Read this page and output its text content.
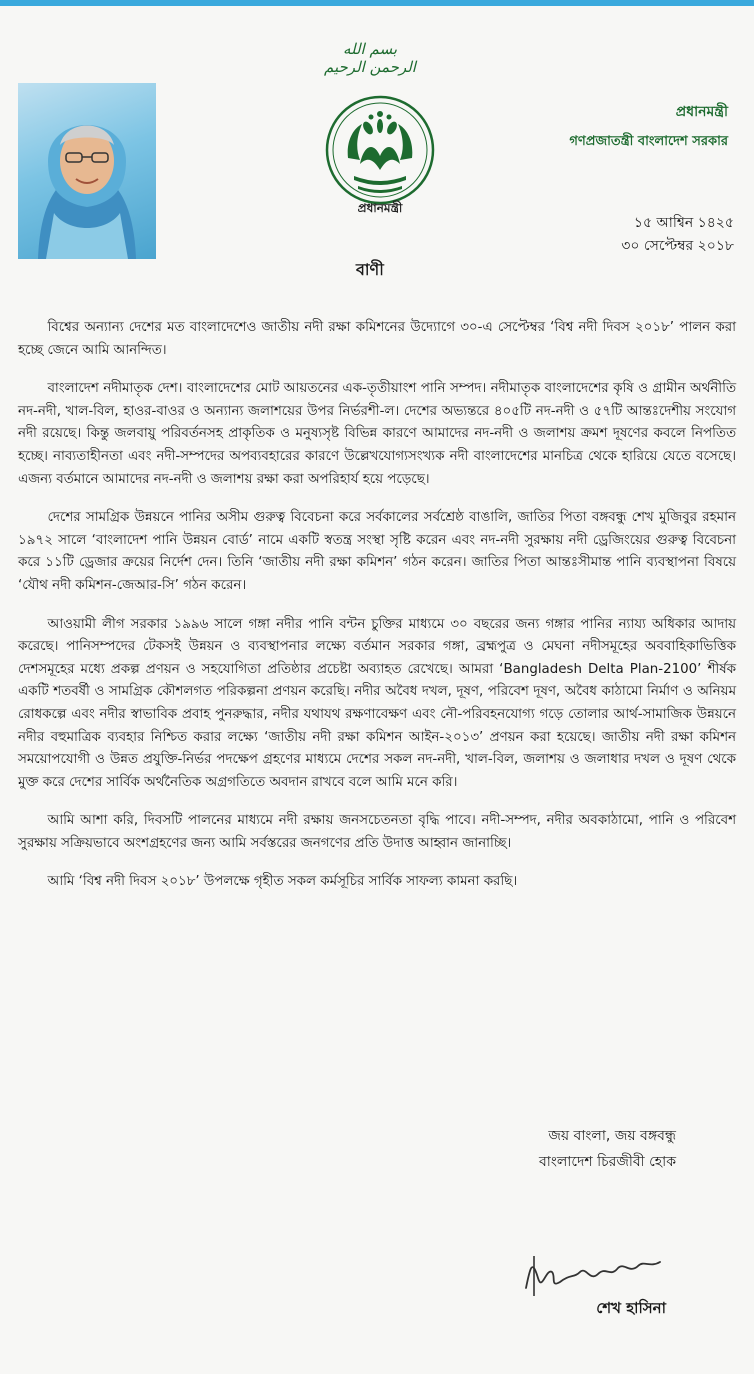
بسم الله الرحمن الرحيم
প্রধানমন্ত্রী
প্রধানমন্ত্রী
গণপ্রজাতন্ত্রী বাংলাদেশ সরকার
১৫ আশ্বিন ১৪২৫
৩০ সেপ্টেম্বর ২০১৮
বাণী

বিশ্বের অন্যান্য দেশের মত বাংলাদেশেও জাতীয় নদী রক্ষা কমিশনের উদ্যোগে ৩০-এ সেপ্টেম্বর ‘বিশ্ব নদী দিবস ২০১৮’ পালন করা হচ্ছে জেনে আমি আনন্দিত।

বাংলাদেশ নদীমাতৃক দেশ। বাংলাদেশের মোট আয়তনের এক-তৃতীয়াংশ পানি সম্পদ। নদীমাতৃক বাংলাদেশের কৃষি ও গ্রামীন অর্থনীতি নদ-নদী, খাল-বিল, হাওর-বাওর ও অন্যান্য জলাশয়ের উপর নির্ভরশী-ল। দেশের অভ্যন্তরে ৪০৫টি নদ-নদী ও ৫৭টি আন্তঃদেশীয় সংযোগ নদী রয়েছে। কিন্তু জলবায়ু পরিবর্তনসহ প্রাকৃতিক ও মনুষ্যসৃষ্ট বিভিন্ন কারণে আমাদের নদ-নদী ও জলাশয় ক্রমশ দূষণের কবলে নিপতিত হচ্ছে। নাব্যতাহীনতা এবং নদী-সম্পদের অপব্যবহারের কারণে উল্লেখযোগ্যসংখ্যক নদী বাংলাদেশের মানচিত্র থেকে হারিয়ে যেতে বসেছে। এজন্য বর্তমানে আমাদের নদ-নদী ও জলাশয় রক্ষা করা অপরিহার্য হয়ে পড়েছে।

দেশের সামগ্রিক উন্নয়নে পানির অসীম গুরুত্ব বিবেচনা করে সর্বকালের সর্বশ্রেষ্ঠ বাঙালি, জাতির পিতা বঙ্গবন্ধু শেখ মুজিবুর রহমান ১৯৭২ সালে ‘বাংলাদেশ পানি উন্নয়ন বোর্ড’ নামে একটি স্বতন্ত্র সংস্থা সৃষ্টি করেন এবং নদ-নদী সুরক্ষায় নদী ড্রেজিংয়ের গুরুত্ব বিবেচনা করে ১১টি ড্রেজার ক্রয়ের নির্দেশ দেন। তিনি ‘জাতীয় নদী রক্ষা কমিশন’ গঠন করেন। জাতির পিতা আন্তঃসীমান্ত পানি ব্যবস্থাপনা বিষয়ে ‘যৌথ নদী কমিশন-জেআর-সি’ গঠন করেন।

আওয়ামী লীগ সরকার ১৯৯৬ সালে গঙ্গা নদীর পানি বন্টন চুক্তির মাধ্যমে ৩০ বছরের জন্য গঙ্গার পানির ন্যায্য অধিকার আদায় করেছে। পানিসম্পদের টেকসই উন্নয়ন ও ব্যবস্থাপনার লক্ষ্যে বর্তমান সরকার গঙ্গা, ব্রহ্মপুত্র ও মেঘনা নদীসমূহের অববাহিকাভিত্তিক দেশসমূহের মধ্যে প্রকল্প প্রণয়ন ও সহযোগিতা প্রতিষ্ঠার প্রচেষ্টা অব্যাহত রেখেছে। আমরা ‘Bangladesh Delta Plan-2100’ শীর্ষক একটি শতবর্ষী ও সামগ্রিক কৌশলগত পরিকল্পনা প্রণয়ন করেছি। নদীর অবৈধ দখল, দূষণ, পরিবেশ দূষণ, অবৈধ কাঠামো নির্মাণ ও অনিয়ম রোধকল্পে এবং নদীর স্বাভাবিক প্রবাহ পুনরুদ্ধার, নদীর যথাযথ রক্ষণাবেক্ষণ এবং নৌ-পরিবহনযোগ্য গড়ে তোলার আর্থ-সামাজিক উন্নয়নে নদীর বহুমাত্রিক ব্যবহার নিশ্চিত করার লক্ষ্যে ‘জাতীয় নদী রক্ষা কমিশন আইন-২০১৩’ প্রণয়ন করা হয়েছে। জাতীয় নদী রক্ষা কমিশন সময়োপযোগী ও উন্নত প্রযুক্তি-নির্ভর পদক্ষেপ গ্রহণের মাধ্যমে দেশের সকল নদ-নদী, খাল-বিল, জলাশয় ও জলাধার দখল ও দূষণ থেকে মুক্ত করে দেশের সার্বিক অর্থনৈতিক অগ্রগতিতে অবদান রাখবে বলে আমি মনে করি।

আমি আশা করি, দিবসটি পালনের মাধ্যমে নদী রক্ষায় জনসচেতনতা বৃদ্ধি পাবে। নদী-সম্পদ, নদীর অবকাঠামো, পানি ও পরিবেশ সুরক্ষায় সক্রিয়ভাবে অংশগ্রহণের জন্য আমি সর্বস্তরের জনগণের প্রতি উদাত্ত আহ্বান জানাচ্ছি।

আমি ‘বিশ্ব নদী দিবস ২০১৮’ উপলক্ষে গৃহীত সকল কর্মসূচির সার্বিক সাফল্য কামনা করছি।

জয় বাংলা, জয় বঙ্গবন্ধু
বাংলাদেশ চিরজীবী হোক
শেখ হাসিনা
